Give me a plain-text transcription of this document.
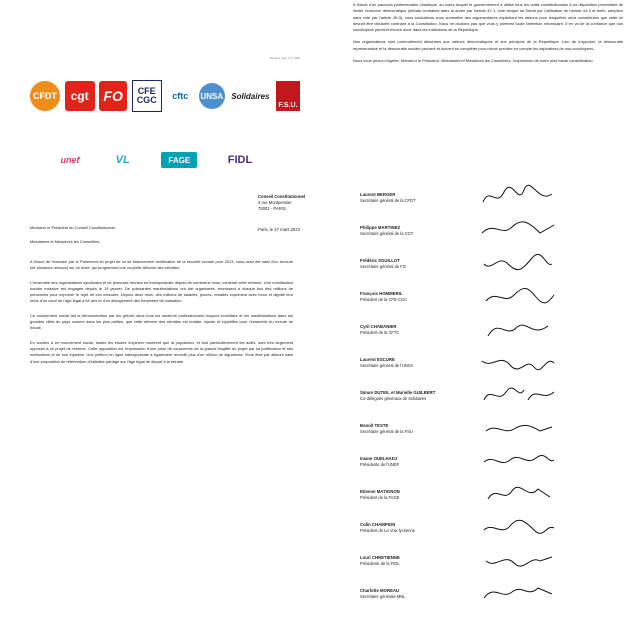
Version 2 - Env. n° 1 / 2023
CFDT	cgt	FO	CFE CGC	cftc	UNSA Solidaires
F.S.U.
unef	VL	FAGE	FIDL
Conseil Constitutionnel
2 rue Montpensier
75001 - PARIS
Paris, le 27 mars 2023

Monsieur le Président du Conseil Constitutionnel,

Mesdames et Messieurs les Conseillers,

A l'issue de l'examen par le Parlement du projet de loi de financement rectificative de la sécurité sociale pour 2023, vous avez été saisi d'un recours (de plusieurs recours) sur ce texte, qui programme une nouvelle réforme des retraites.

L'ensemble des organisations syndicales et de jeunesse réunies en intersyndicale depuis de nombreux mois, conteste cette réforme. Une mobilisation sociale massive est engagée depuis le 19 janvier. De puissantes manifestations ont été organisées, réunissant à chaque fois des millions de personnes pour exprimer le rejet de ces mesures. Depuis deux mois, des millions de salariés, jeunes, retraités expriment avec force et dignité leur refus d'un recul de l'âge légal à 64 ans et d'un allongement des trimestres de cotisation.

Ce mouvement social fait la démonstration par les grèves dans tous les secteurs professionnels toujours mobilisés et les manifestations dans les grandes villes du pays comme dans les plus petites, que cette réforme des retraites est brutale, injuste et injustifiée pour l'ensemble du monde du travail.

En soutien à ce mouvement social, toutes les études d'opinion montrent que la population, et tout particulièrement les actifs, sont très largement opposés à ce projet de réforme. Cette opposition est l'expression d'une prise de conscience de la grande fragilité du projet par sa justification et ses motivations et de son injustice. Une pétition en ligne intersyndicale a également recueilli plus d'un million de signatures. Vous êtes par ailleurs saisi d'une proposition de référendum d'initiative partagé sur l'âge légal de départ à la retraite.

A l'issue d'un parcours parlementaire chaotique, au cours duquel le gouvernement a utilisé tous les outils constitutionnels à sa disposition permettant de limiter l'exercice démocratique (débats contraints dans la durée par l'article 47-1, vote bloqué au Sénat par l'utilisation de l'article 44-3 et enfin, adoption sans vote par l'article 49-3), nous souhaitons vous soumettre des argumentaires explicitant les raisons pour lesquelles nous considérons que cette loi devrait être déclarée contraire à la Constitution. Nous ne doutons pas que vous y porterez toute l'attention nécessaire. Il en va de la confiance que nos concitoyens peuvent encore avoir dans les institutions de la République.

Nos organisations sont profondément attachées aux valeurs démocratiques et aux principes de la République. Loin de s'opposer, la démocratie représentative et la démocratie sociale peuvent et doivent se compléter pour mieux prendre en compte les aspirations de nos concitoyens.

Nous vous prions d'agréer, Monsieur le Président, Mesdames et Messieurs les Conseillers, l'expression de notre plus haute considération.

Laurent BERGER
Secrétaire général de la CFDT
Philippe MARTINEZ
Secrétaire général de la CGT
Frédéric SOUILLOT
Secrétaire général de FO
François HOMMERIL
Président de la CFE-CGC
Cyril CHABANIER
Président de la CFTC
Laurent ESCURE
Secrétaire général de l'UNSA
Simon DUTEIL et Murielle GUILBERT
Co-délégués généraux de Solidaires
Benoît TESTE
Secrétaire général de la FSU
Imane OUELHADJ
Présidente de l'UNEF
Etienne MATIGNON
Président de la FAGE
Colin CHAMPION
Président de La Voix lycéenne
Louri CHRETIENNE
Présidente de la FIDL
Charlotte MOREAU
Secrétaire générale MNL
